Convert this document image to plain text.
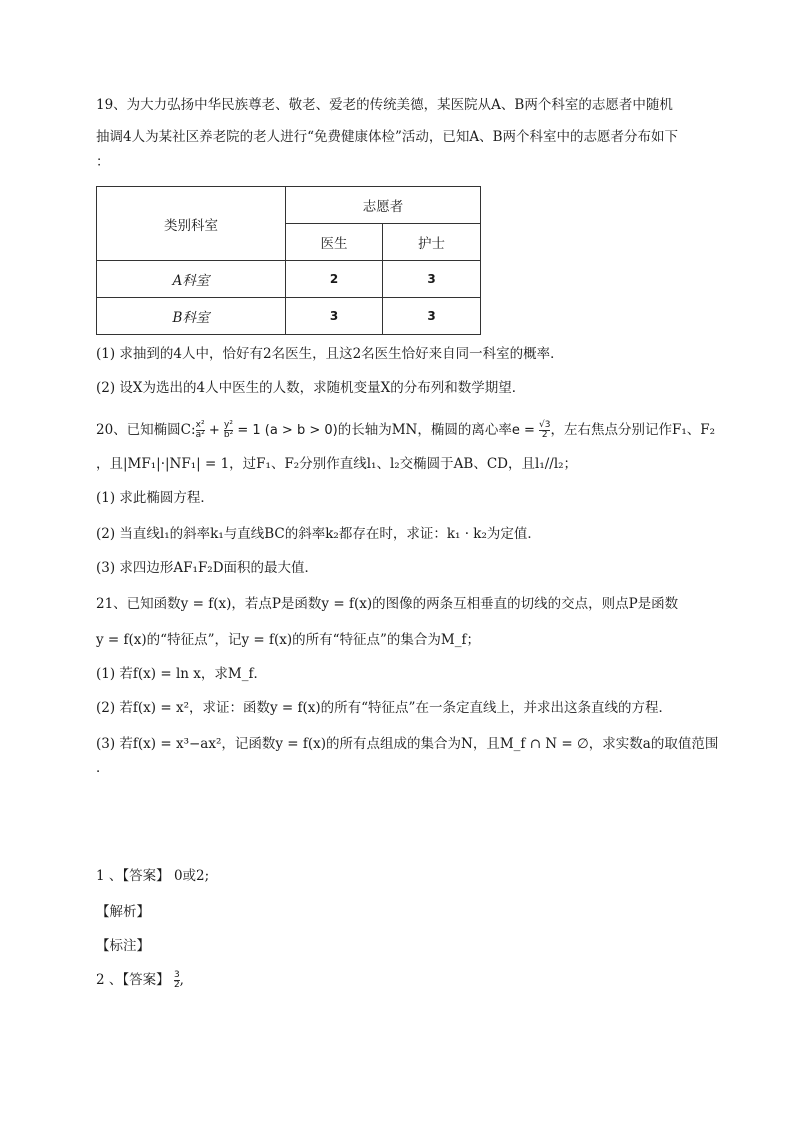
19、为大力弘扬中华民族尊老、敬老、爱老的传统美德，某医院从A、B两个科室的志愿者中随机
抽调4人为某社区养老院的老人进行“免费健康体检”活动，已知A、B两个科室中的志愿者分布如下
：
类别科室	志愿者	
	医生	护士
A科室	2	3
B科室	3	3
(1) 求抽到的4人中，恰好有2名医生，且这2名医生恰好来自同一科室的概率．
(2) 设X为选出的4人中医生的人数，求随机变量X的分布列和数学期望．
20、已知椭圆C: $\frac{\text{x²}}{\text{a²}} + \frac{\text{y²}}{\text{b²}} = 1$ (a > b > 0)的长轴为MN，椭圆的离心率$e = \frac{√3}{2}$ ，左右焦点分别记作F₁、F₂
，且|MF₁|·|NF₁| = 1，过F₁、F₂分别作直线l₁、l₂交椭圆于AB、CD，且l₁//l₂；
(1) 求此椭圆方程．
(2) 当直线l₁的斜率k₁与直线BC的斜率k₂都存在时，求证：k₁ · k₂为定值．
(3) 求四边形AF₁F₂D面积的最大值．
21、已知函数y = f(x)，若点P是函数y = f(x)的图像的两条互相垂直的切线的交点，则点P是函数
y = f(x)的“特征点”，记y = f(x)的所有“特征点”的集合为M_f；
(1) 若f(x) = ln x，求M_f．
(2) 若f(x) = x²，求证：函数y = f(x)的所有“特征点”在一条定直线上，并求出这条直线的方程．
(3) 若f(x) = x³−ax²，记函数y = f(x)的所有点组成的集合为N，且M_f ∩ N = ∅，求实数a的取值范围
．
1 、【答案】 0或2;
【解析】
【标注】
2 、【答案】 $\frac{3}{2}$ ,
